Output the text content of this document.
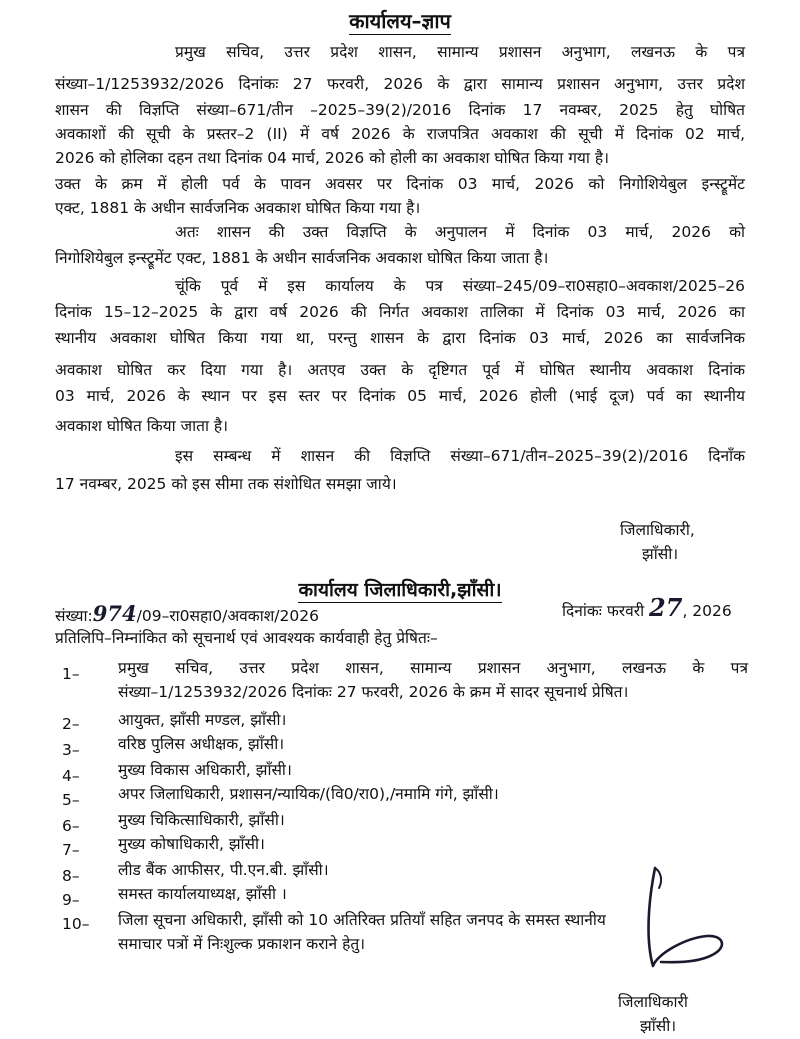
कार्यालय–ज्ञाप
प्रमुख सचिव, उत्तर प्रदेश शासन, सामान्य प्रशासन अनुभाग, लखनऊ के पत्र
संख्या–1/1253932/2026 दिनांकः 27 फरवरी, 2026 के द्वारा सामान्य प्रशासन अनुभाग, उत्तर प्रदेश
शासन की विज्ञप्ति संख्या–671/तीन –2025–39(2)/2016 दिनांक 17 नवम्बर, 2025 हेतु घोषित
अवकाशों की सूची के प्रस्तर–2 (II) में वर्ष 2026 के राजपत्रित अवकाश की सूची में दिनांक 02 मार्च,
2026 को होलिका दहन तथा दिनांक 04 मार्च, 2026 को होली का अवकाश घोषित किया गया है।
उक्त के क्रम में होली पर्व के पावन अवसर पर दिनांक 03 मार्च, 2026 को निगोशियेबुल इन्स्ट्रूमेंट
एक्ट, 1881 के अधीन सार्वजनिक अवकाश घोषित किया गया है।
अतः शासन की उक्त विज्ञप्ति के अनुपालन में दिनांक 03 मार्च, 2026 को
निगोशियेबुल इन्स्ट्रूमेंट एक्ट, 1881 के अधीन सार्वजनिक अवकाश घोषित किया जाता है।
चूंकि पूर्व में इस कार्यालय के पत्र संख्या–245/09–रा0सहा0–अवकाश/2025–26
दिनांक 15–12–2025 के द्वारा वर्ष 2026 की निर्गत अवकाश तालिका में दिनांक 03 मार्च, 2026 का
स्थानीय अवकाश घोषित किया गया था, परन्तु शासन के द्वारा दिनांक 03 मार्च, 2026 का सार्वजनिक
अवकाश घोषित कर दिया गया है। अतएव उक्त के दृष्टिगत पूर्व में घोषित स्थानीय अवकाश दिनांक
03 मार्च, 2026 के स्थान पर इस स्तर पर दिनांक 05 मार्च, 2026 होली (भाई दूज) पर्व का स्थानीय
अवकाश घोषित किया जाता है।
इस सम्बन्ध में शासन की विज्ञप्ति संख्या–671/तीन–2025–39(2)/2016 दिनाँक
17 नवम्बर, 2025 को इस सीमा तक संशोधित समझा जाये।
जिलाधिकारी,
झाँसी।
कार्यालय जिलाधिकारी,झाँसी।
संख्या:974/09–रा0सहा0/अवकाश/2026	दिनांकः फरवरी 27, 2026
प्रतिलिपि–निम्नांकित को सूचनार्थ एवं आवश्यक कार्यवाही हेतु प्रेषितः–
1– प्रमुख सचिव, उत्तर प्रदेश शासन, सामान्य प्रशासन अनुभाग, लखनऊ के पत्र
संख्या–1/1253932/2026 दिनांकः 27 फरवरी, 2026 के क्रम में सादर सूचनार्थ प्रेषित।
2– आयुक्त, झाँसी मण्डल, झाँसी।
3– वरिष्ठ पुलिस अधीक्षक, झाँसी।
4– मुख्य विकास अधिकारी, झाँसी।
5– अपर जिलाधिकारी, प्रशासन/न्यायिक/(वि0/रा0),/नमामि गंगे, झाँसी।
6– मुख्य चिकित्साधिकारी, झाँसी।
7– मुख्य कोषाधिकारी, झाँसी।
8– लीड बैंक आफीसर, पी.एन.बी. झाँसी।
9– समस्त कार्यालयाध्यक्ष, झाँसी ।
10– जिला सूचना अधिकारी, झाँसी को 10 अतिरिक्त प्रतियाँ सहित जनपद के समस्त स्थानीय
समाचार पत्रों में निःशुल्क प्रकाशन कराने हेतु।
जिलाधिकारी
झाँसी।
